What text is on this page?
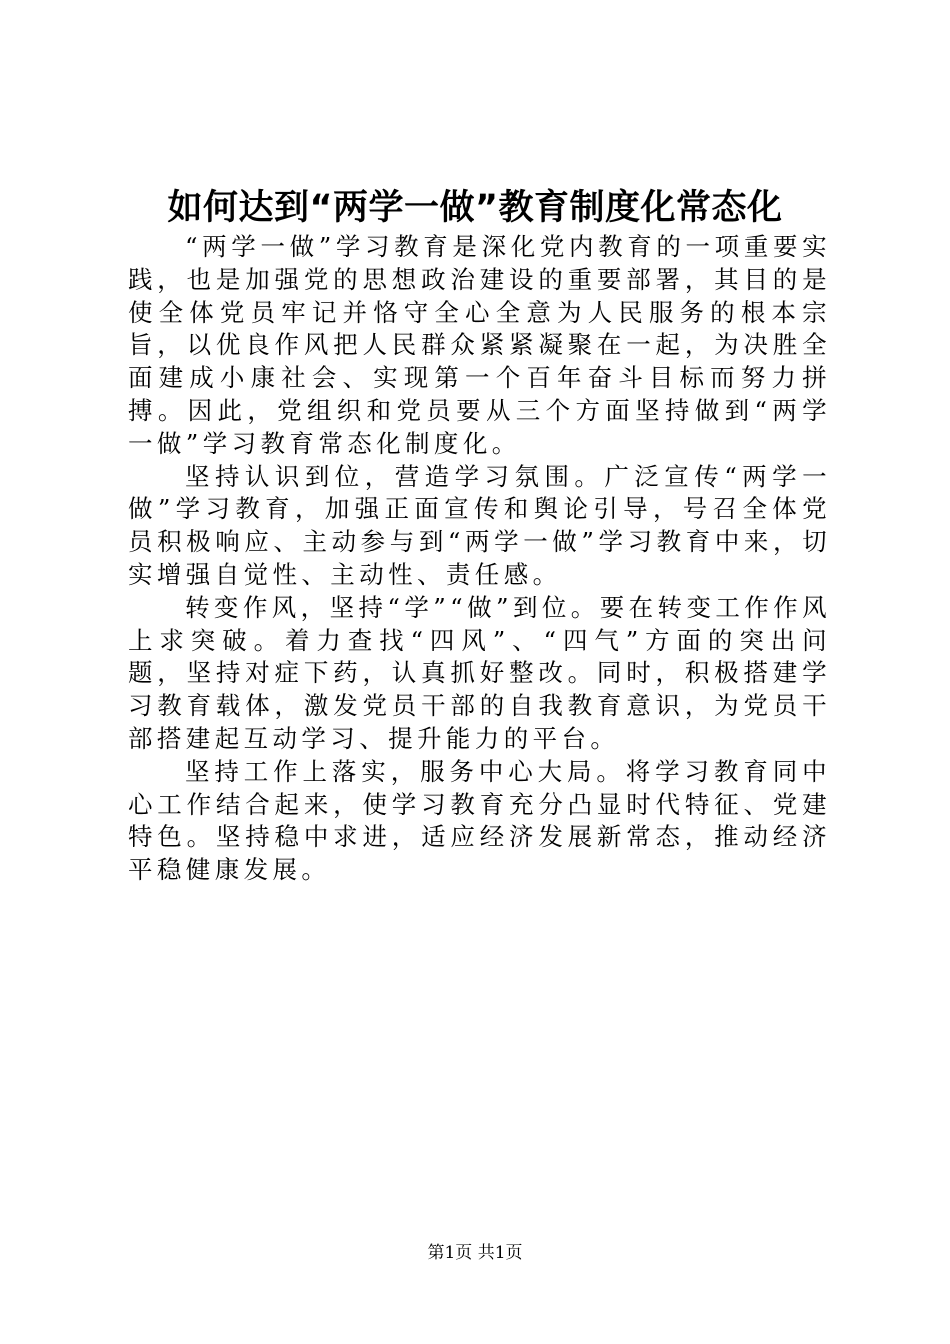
如何达到“两学一做”教育制度化常态化

“两学一做”学习教育是深化党内教育的一项重要实践，也是加强党的思想政治建设的重要部署，其目的是使全体党员牢记并恪守全心全意为人民服务的根本宗旨，以优良作风把人民群众紧紧凝聚在一起，为决胜全面建成小康社会、实现第一个百年奋斗目标而努力拼搏。因此，党组织和党员要从三个方面坚持做到“两学一做”学习教育常态化制度化。

坚持认识到位，营造学习氛围。广泛宣传“两学一做”学习教育，加强正面宣传和舆论引导，号召全体党员积极响应、主动参与到“两学一做”学习教育中来，切实增强自觉性、主动性、责任感。

转变作风，坚持“学”“做”到位。要在转变工作作风上求突破。着力查找“四风”、“四气”方面的突出问题，坚持对症下药，认真抓好整改。同时，积极搭建学习教育载体，激发党员干部的自我教育意识，为党员干部搭建起互动学习、提升能力的平台。

坚持工作上落实，服务中心大局。将学习教育同中心工作结合起来，使学习教育充分凸显时代特征、党建特色。坚持稳中求进，适应经济发展新常态，推动经济平稳健康发展。

第1页 共1页
